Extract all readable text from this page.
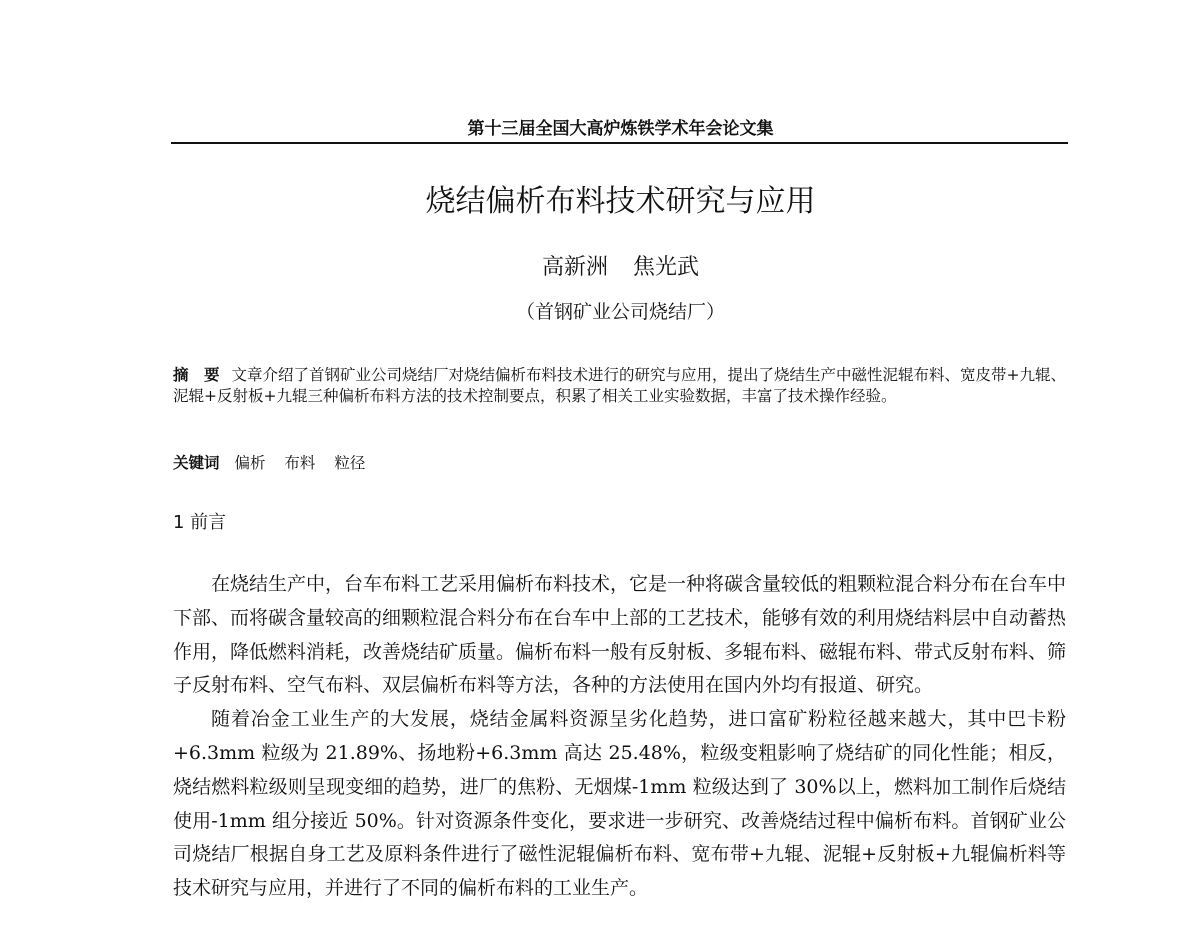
第十三届全国大高炉炼铁学术年会论文集
烧结偏析布料技术研究与应用
高新洲 焦光武
（首钢矿业公司烧结厂）
摘　要 文章介绍了首钢矿业公司烧结厂对烧结偏析布料技术进行的研究与应用，提出了烧结生产中磁性泥辊布料、宽皮带+九辊、泥辊+反射板+九辊三种偏析布料方法的技术控制要点，积累了相关工业实验数据，丰富了技术操作经验。
关键词 偏析 布料 粒径
1 前言

在烧结生产中，台车布料工艺采用偏析布料技术，它是一种将碳含量较低的粗颗粒混合料分布在台车中下部、而将碳含量较高的细颗粒混合料分布在台车中上部的工艺技术，能够有效的利用烧结料层中自动蓄热作用，降低燃料消耗，改善烧结矿质量。偏析布料一般有反射板、多辊布料、磁辊布料、带式反射布料、筛子反射布料、空气布料、双层偏析布料等方法，各种的方法使用在国内外均有报道、研究。

随着冶金工业生产的大发展，烧结金属料资源呈劣化趋势，进口富矿粉粒径越来越大，其中巴卡粉+6.3mm 粒级为 21.89%、扬地粉+6.3mm 高达 25.48%，粒级变粗影响了烧结矿的同化性能；相反，烧结燃料粒级则呈现变细的趋势，进厂的焦粉、无烟煤-1mm 粒级达到了 30%以上，燃料加工制作后烧结使用-1mm 组分接近 50%。针对资源条件变化，要求进一步研究、改善烧结过程中偏析布料。首钢矿业公司烧结厂根据自身工艺及原料条件进行了磁性泥辊偏析布料、宽布带+九辊、泥辊+反射板+九辊偏析料等技术研究与应用，并进行了不同的偏析布料的工业生产。
